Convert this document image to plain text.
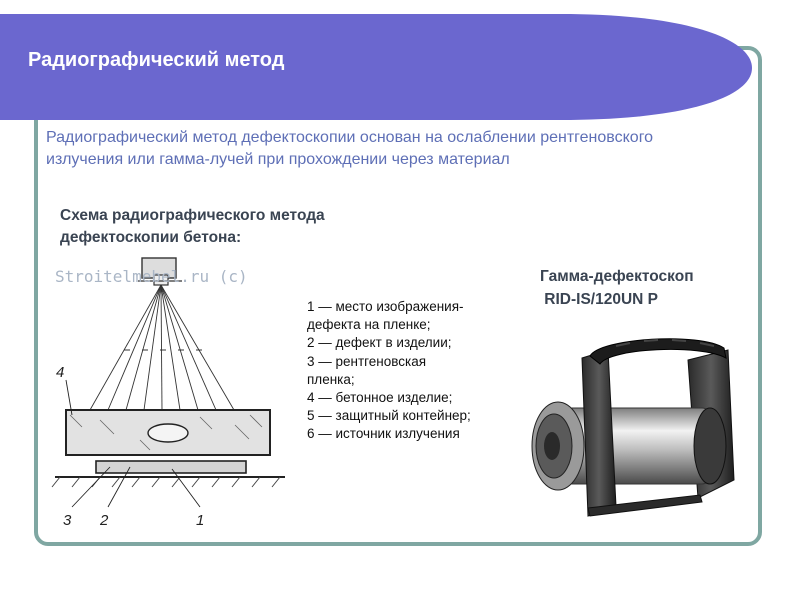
Радиографический метод
Радиографический метод дефектоскопии основан на ослаблении рентгеновского излучения или гамма-лучей при прохождении через материал
Схема радиографического метода дефектоскопии бетона:
Stroitelmebel.ru (c)
4
3 2	1
1 — место изображения-
дефекта на пленке;
2 — дефект в изделии;
3 — рентгеновская
пленка;
4 — бетонное изделие;
5 — защитный контейнер;
6 — источник излучения
Гамма-дефектоскоп
RID-IS/120UN P
